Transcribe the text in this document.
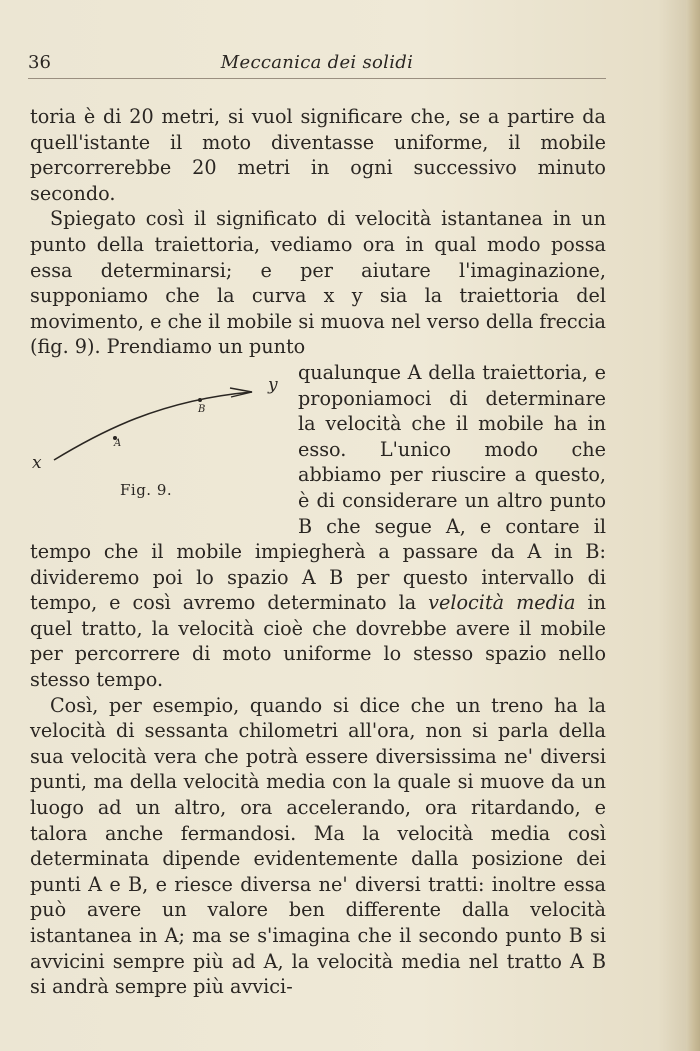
36	Meccanica dei solidi

toria è di 20 metri, si vuol significare che, se a partire da quell'istante il moto diventasse uniforme, il mobile percorrerebbe 20 metri in ogni successivo minuto secondo.

Spiegato così il significato di velocità istantanea in un punto della traiettoria, vediamo ora in qual modo possa essa determinarsi; e per aiutare l'imaginazione, supponiamo che la curva x y sia la traiettoria del movimento, e che il mobile si muova nel verso della freccia (fig. 9). Prendiamo un punto

A
B
x
y
Fig. 9.

qualunque A della traiettoria, e proponiamoci di determinare la velocità che il mobile ha in esso. L'unico modo che abbiamo per riuscire a questo, è di considerare un altro punto B che segue A, e contare il tempo che il mobile impiegherà a passare da A in B: divideremo poi lo spazio A B per questo intervallo di tempo, e così avremo determinato la velocità media in quel tratto, la velocità cioè che dovrebbe avere il mobile per percorrere di moto uniforme lo stesso spazio nello stesso tempo.

Così, per esempio, quando si dice che un treno ha la velocità di sessanta chilometri all'ora, non si parla della sua velocità vera che potrà essere diversissima ne' diversi punti, ma della velocità media con la quale si muove da un luogo ad un altro, ora accelerando, ora ritardando, e talora anche fermandosi. Ma la velocità media così determinata dipende evidentemente dalla posizione dei punti A e B, e riesce diversa ne' diversi tratti: inoltre essa può avere un valore ben differente dalla velocità istantanea in A; ma se s'imagina che il secondo punto B si avvicini sempre più ad A, la velocità media nel tratto A B si andrà sempre più avvici-
